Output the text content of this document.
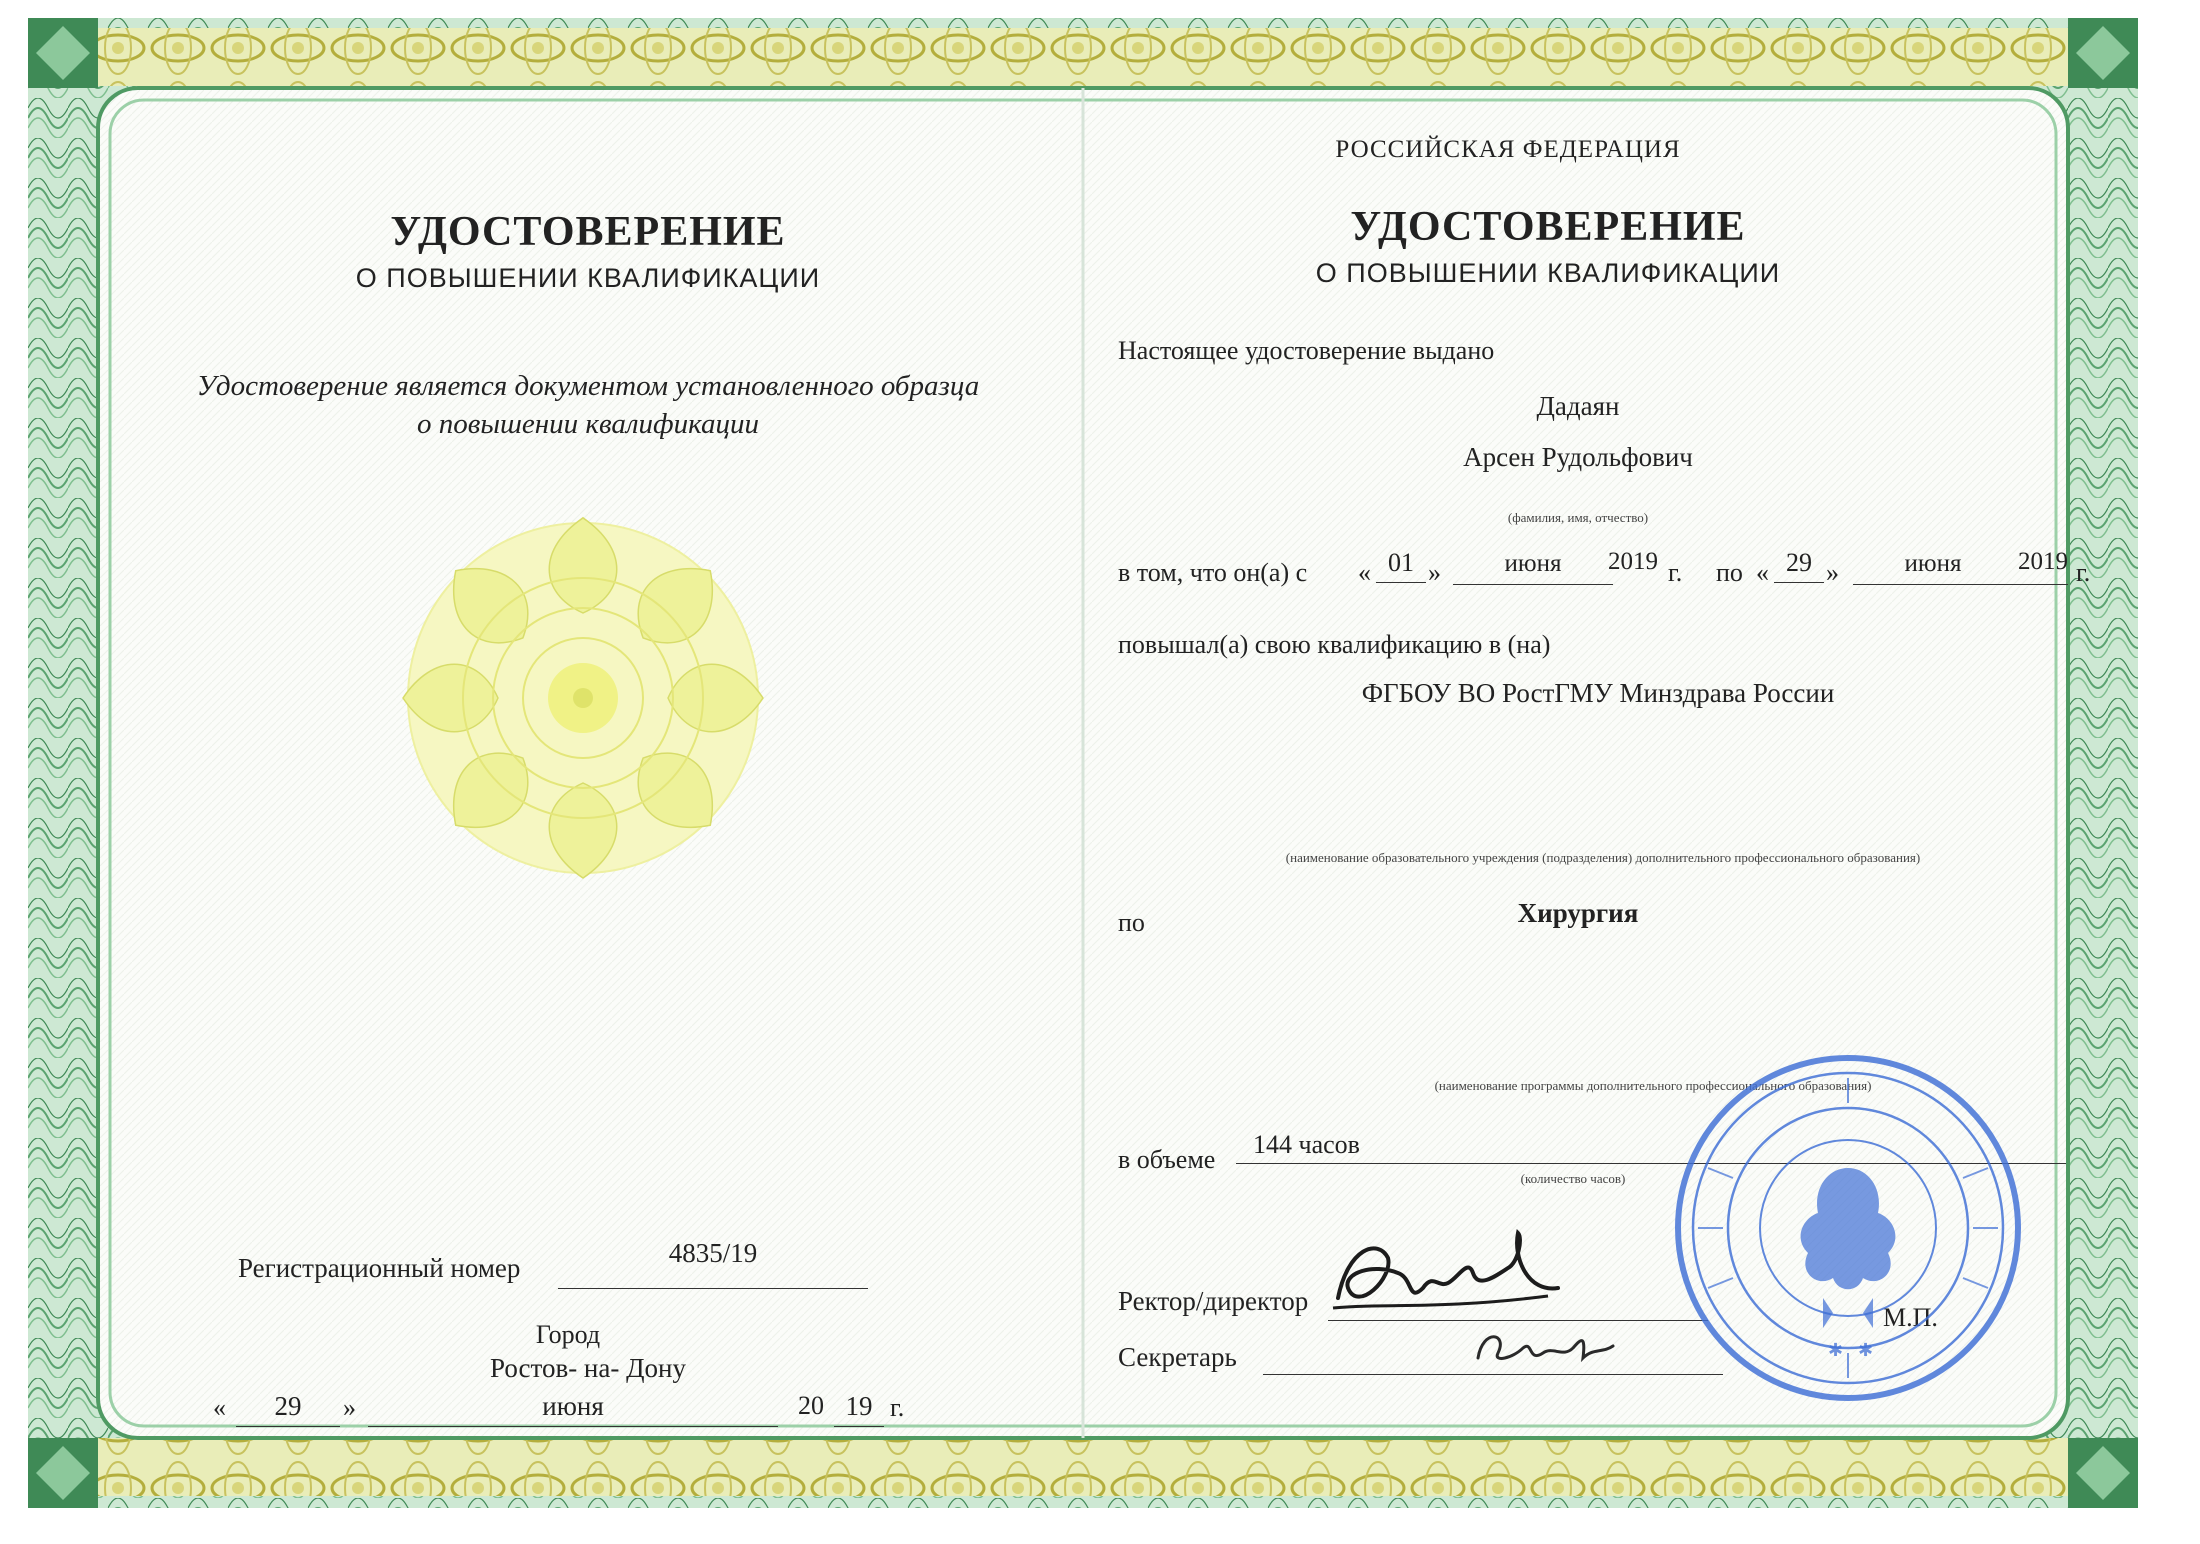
УДОСТОВЕРЕНИЕ
О ПОВЫШЕНИИ КВАЛИФИКАЦИИ
Удостоверение является документом установленного образца
о повышении квалификации
Регистрационный номер	4835/19
Город
Ростов- на- Дону
«	29	»	июня	20 19 г.
РОССИЙСКАЯ ФЕДЕРАЦИЯ
УДОСТОВЕРЕНИЕ
О ПОВЫШЕНИИ КВАЛИФИКАЦИИ
Настоящее удостоверение выдано
Дадаян
Арсен Рудольфович
(фамилия, имя, отчество)
в том, что он(а) с « 01 »	июня	2019 г. по « 29 »	июня	2019 г.
повышал(а) свою квалификацию в (на)
ФГБОУ ВО РостГМУ Минздрава России
(наименование образовательного учреждения (подразделения) дополнительного профессионального образования)
по	Хирургия
(наименование программы дополнительного профессионального образования)
в объеме
144 часов
(количество часов)
Ректор/директор
Секретарь
М.П.
✱ ✱
